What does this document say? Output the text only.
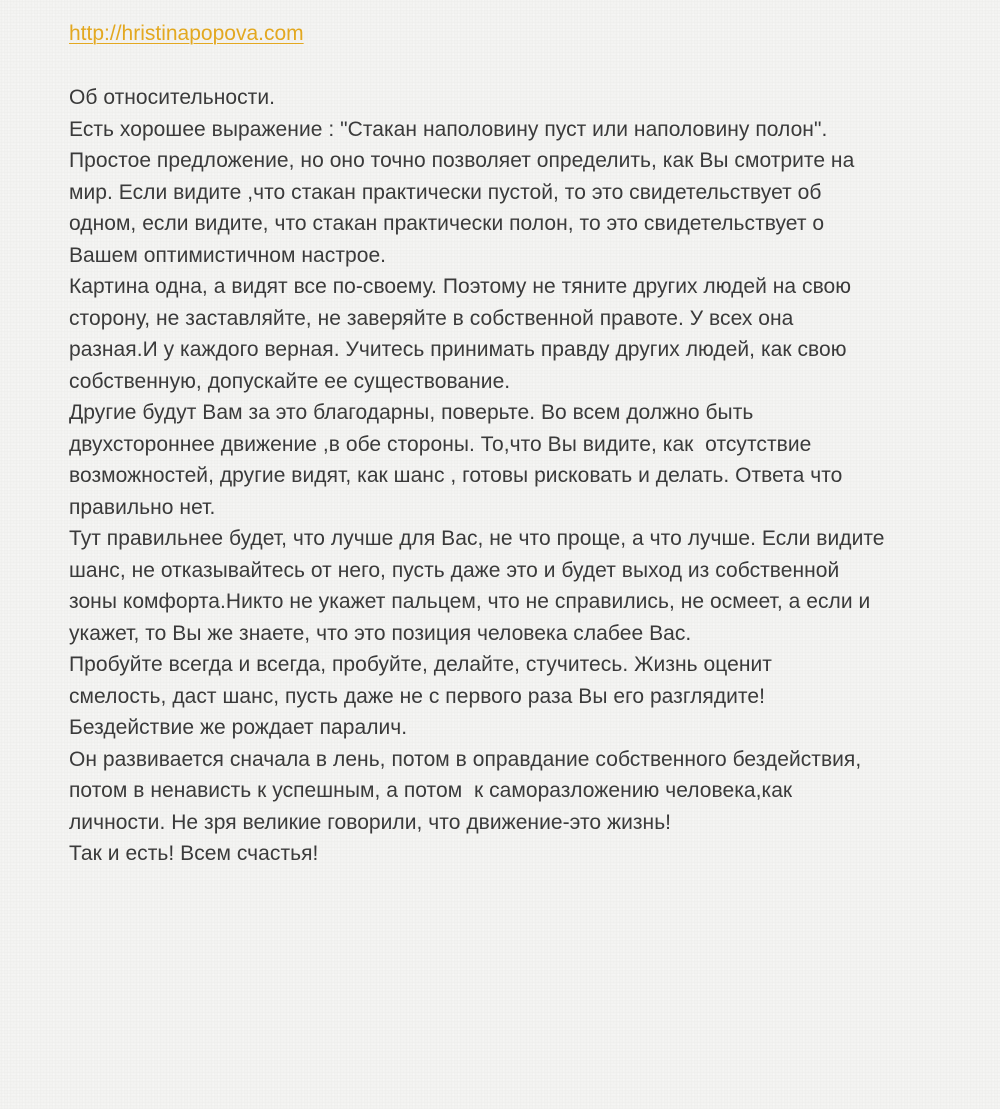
http://hristinapopova.com
Об относительности.
Есть хорошее выражение : "Стакан наполовину пуст или наполовину полон".
Простое предложение, но оно точно позволяет определить, как Вы смотрите на
мир. Если видите ,что стакан практически пустой, то это свидетельствует об
одном, если видите, что стакан практически полон, то это свидетельствует о
Вашем оптимистичном настрое.
Картина одна, а видят все по-своему. Поэтому не тяните других людей на свою
сторону, не заставляйте, не заверяйте в собственной правоте. У всех она
разная.И у каждого верная. Учитесь принимать правду других людей, как свою
собственную, допускайте ее существование.
Другие будут Вам за это благодарны, поверьте. Во всем должно быть
двухстороннее движение ,в обе стороны. То,что Вы видите, как  отсутствие
возможностей, другие видят, как шанс , готовы рисковать и делать. Ответа что
правильно нет.
Тут правильнее будет, что лучше для Вас, не что проще, а что лучше. Если видите
шанс, не отказывайтесь от него, пусть даже это и будет выход из собственной
зоны комфорта.Никто не укажет пальцем, что не справились, не осмеет, а если и
укажет, то Вы же знаете, что это позиция человека слабее Вас.
Пробуйте всегда и всегда, пробуйте, делайте, стучитесь. Жизнь оценит
смелость, даст шанс, пусть даже не с первого раза Вы его разглядите!
Бездействие же рождает паралич.
Он развивается сначала в лень, потом в оправдание собственного бездействия,
потом в ненависть к успешным, а потом  к саморазложению человека,как
личности. Не зря великие говорили, что движение-это жизнь!
Так и есть! Всем счастья!
